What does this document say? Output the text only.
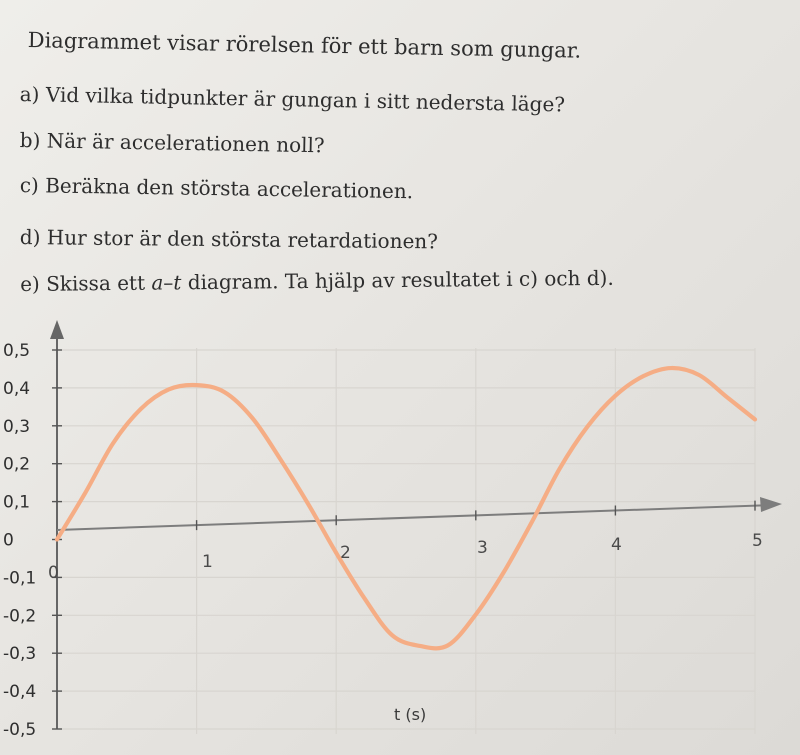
Diagrammet visar rörelsen för ett barn som gungar.
a) Vid vilka tidpunkter är gungan i sitt nedersta läge?
b) När är accelerationen noll?
c) Beräkna den största accelerationen.
d) Hur stor är den största retardationen?
e) Skissa ett a–t diagram. Ta hjälp av resultatet i c) och d).
-0,5
-0,4
-0,3
-0,2
-0,1
0
0,1
0,2
0,3
0,4
0,5
1	2	3	4	5
0
t (s)
